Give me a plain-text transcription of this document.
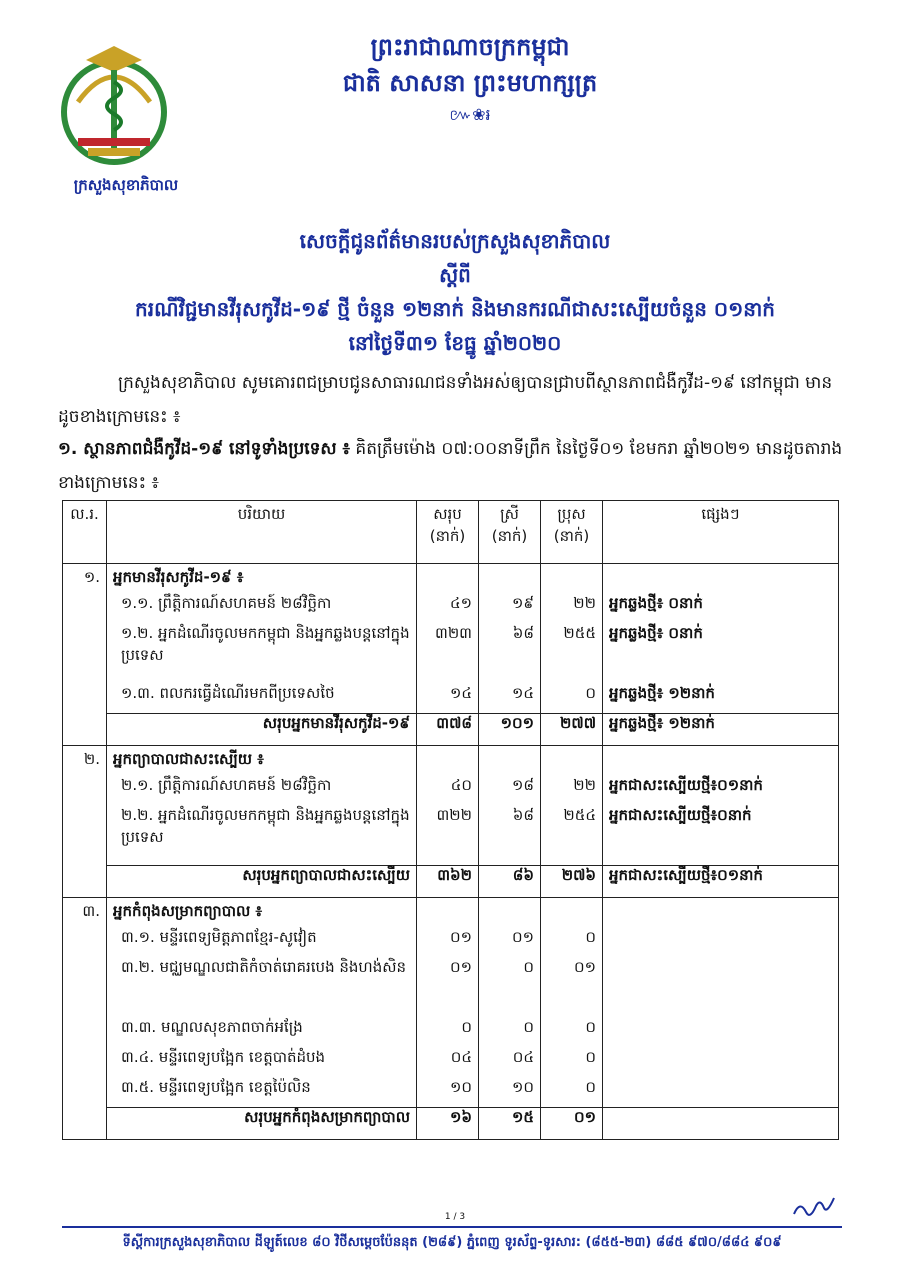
ក្រសួងសុខាភិបាល
ព្រះរាជាណាចក្រកម្ពុជា
ជាតិ សាសនា ព្រះមហាក្សត្រ
៚❀៛
សេចក្តីជូនព័ត៌មានរបស់ក្រសួងសុខាភិបាល
ស្តីពី
ករណីវិជ្ជមានវីរុសកូវីដ-១៩ ថ្មី ចំនួន ១២នាក់ និងមានករណីជាសះស្បើយចំនួន ០១នាក់
នៅថ្ងៃទី៣១ ខែធ្នូ ឆ្នាំ២០២០
ក្រសួងសុខាភិបាល សូមគោរពជម្រាបជូនសាធារណជនទាំងអស់ឲ្យបានជ្រាបពីស្ថានភាពជំងឺកូវីដ-១៩ នៅកម្ពុជា មានដូចខាងក្រោមនេះ ៖
១. ស្ថានភាពជំងឺកូវីដ-១៩ នៅទូទាំងប្រទេស ៖ គិតត្រឹមម៉ោង ០៧:០០នាទីព្រឹក នៃថ្ងៃទី០១ ខែមករា ឆ្នាំ២០២១ មានដូចតារាងខាងក្រោមនេះ ៖
ល.រ.	បរិយាយ	សរុប (នាក់)	ស្រី (នាក់)	ប្រុស (នាក់)	ផ្សេងៗ
១.	អ្នកមានវីរុសកូវីដ-១៩ ៖				
	១.១. ព្រឹត្តិការណ៍សហគមន៍ ២៨វិច្ឆិកា	៤១	១៩	២២	អ្នកឆ្លងថ្មី៖ ០នាក់
	១.២. អ្នកដំណើរចូលមកកម្ពុជា និងអ្នកឆ្លងបន្តនៅក្នុងប្រទេស	៣២៣	៦៨	២៥៥	អ្នកឆ្លងថ្មី៖ ០នាក់
	១.៣. ពលករធ្វើដំណើរមកពីប្រទេសថៃ	១៤	១៤	០	អ្នកឆ្លងថ្មី៖ ១២នាក់
	សរុបអ្នកមានវីរុសកូវីដ-១៩	៣៧៨	១០១	២៧៧	អ្នកឆ្លងថ្មី៖ ១២នាក់
២.	អ្នកព្យាបាលជាសះស្បើយ ៖				
	២.១. ព្រឹត្តិការណ៍សហគមន៍ ២៨វិច្ឆិកា	៤០	១៨	២២	អ្នកជាសះស្បើយថ្មី៖០១នាក់
	២.២. អ្នកដំណើរចូលមកកម្ពុជា និងអ្នកឆ្លងបន្តនៅក្នុងប្រទេស	៣២២	៦៨	២៥៤	អ្នកជាសះស្បើយថ្មី៖០នាក់
	សរុបអ្នកព្យាបាលជាសះស្បើយ	៣៦២	៨៦	២៧៦	អ្នកជាសះស្បើយថ្មី៖០១នាក់
៣.	អ្នកកំពុងសម្រាកព្យាបាល ៖				
	៣.១. មន្ទីរពេទ្យមិត្តភាពខ្មែរ-សូវៀត	០១	០១	០	
	៣.២. មជ្ឈមណ្ឌលជាតិកំចាត់រោគរបេង និងហង់សិន	០១	០	០១	
	៣.៣. មណ្ឌលសុខភាពចាក់អង្រែ	០	០	០	
	៣.៤. មន្ទីរពេទ្យបង្អែក ខេត្តបាត់ដំបង	០៤	០៤	០	
	៣.៥. មន្ទីរពេទ្យបង្អែក ខេត្តប៉ៃលិន	១០	១០	០	
	សរុបអ្នកកំពុងសម្រាកព្យាបាល	១៦	១៥	០១	
1 / 3
ទីស្តីការក្រសួងសុខាភិបាល ដីឡូត៍លេខ ៨០ វិថីសម្តេចប៉ែននុត (២៨៩) ភ្នំពេញ ទូរស័ព្ទ-ទូរសារ: (៨៥៥-២៣) ៨៨៥ ៩៧០/៨៨៤ ៩០៩
